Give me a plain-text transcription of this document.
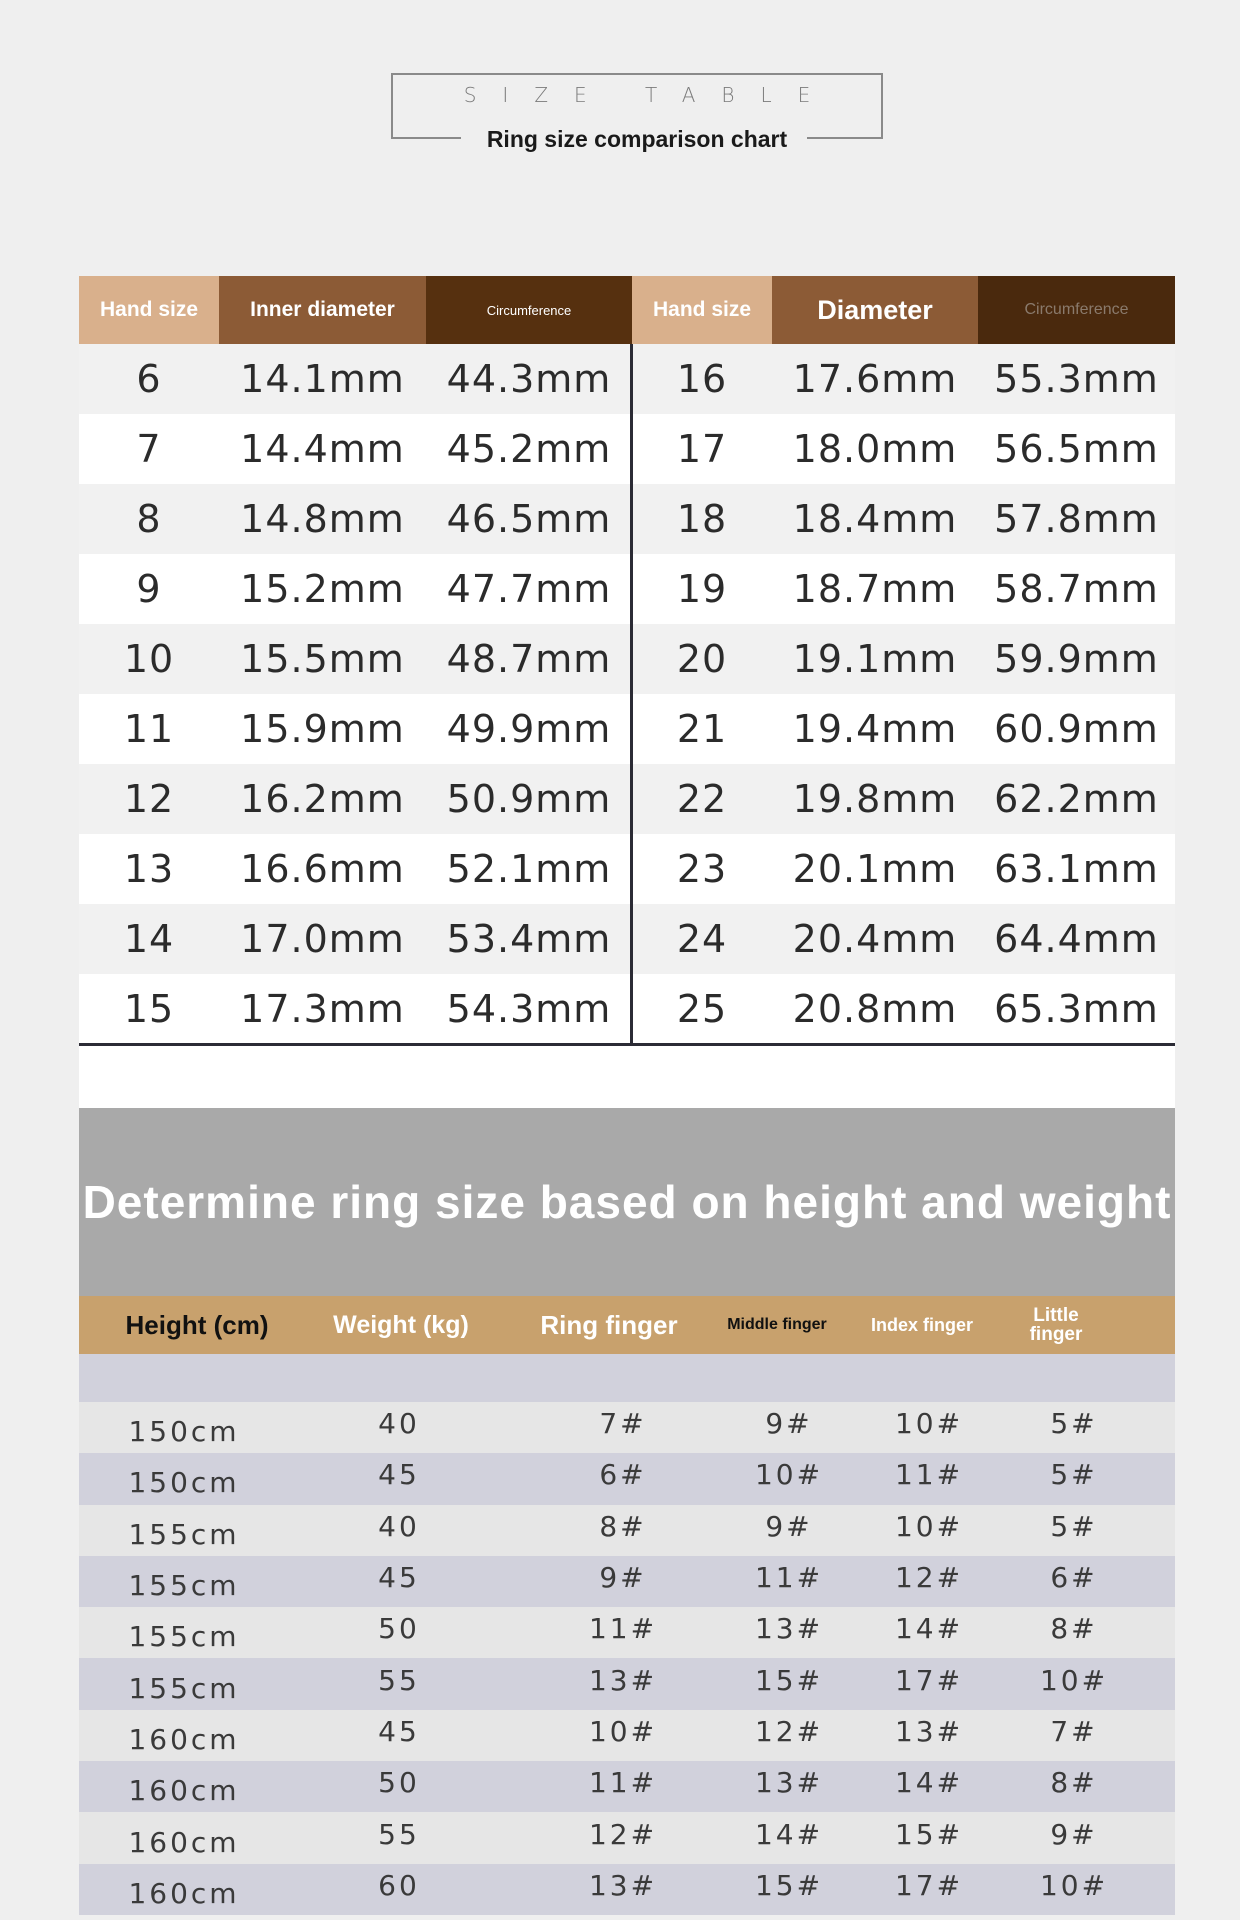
SIZE TABLE
Ring size comparison chart
Hand size	Inner diameter	Circumference	Hand size	Diameter	Circumference
6	14.1mm	44.3mm	16	17.6mm 55.3mm
7	14.4mm	45.2mm	17	18.0mm 56.5mm
8	14.8mm	46.5mm	18	18.4mm 57.8mm
9	15.2mm	47.7mm	19	18.7mm 58.7mm
10	15.5mm	48.7mm	20	19.1mm 59.9mm
11	15.9mm	49.9mm	21	19.4mm 60.9mm
12	16.2mm	50.9mm	22	19.8mm 62.2mm
13	16.6mm	52.1mm	23	20.1mm 63.1mm
14	17.0mm	53.4mm	24	20.4mm 64.4mm
15	17.3mm	54.3mm	25	20.8mm 65.3mm
Determine ring size based on height and weight
Height (cm)	Weight (kg)	Ring finger	Middle finger	Index finger	Little finger
150cm	40	7#	9#	10#	5#
150cm	45	6#	10#	11#	5#
155cm	40	8#	9#	10#	5#
155cm	45	9#	11#	12#	6#
155cm	50	11#	13#	14#	8#
155cm	55	13#	15#	17#	10#
160cm	45	10#	12#	13#	7#
160cm	50	11#	13#	14#	8#
160cm	55	12#	14#	15#	9#
160cm	60	13#	15#	17#	10#
